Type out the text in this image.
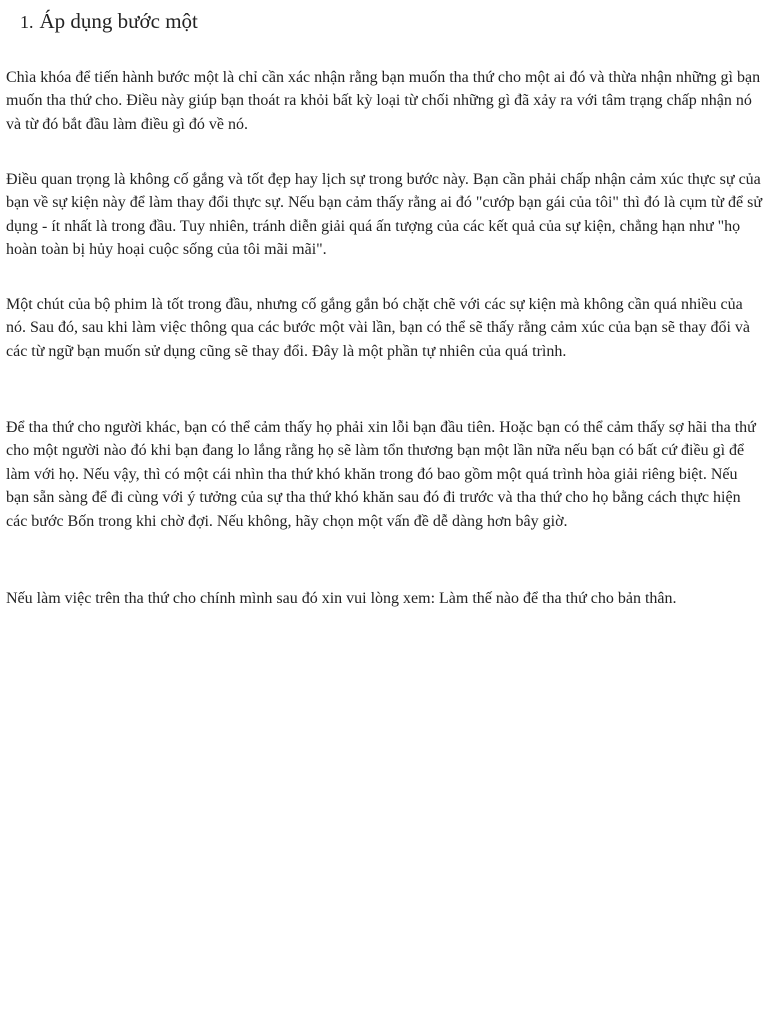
1. Áp dụng bước một

Chìa khóa để tiến hành bước một là chỉ cần xác nhận rằng bạn muốn tha thứ cho một ai đó và thừa nhận những gì bạn muốn tha thứ cho. Điều này giúp bạn thoát ra khỏi bất kỳ loại từ chối những gì đã xảy ra với tâm trạng chấp nhận nó và từ đó bắt đầu làm điều gì đó về nó.

Điều quan trọng là không cố gắng và tốt đẹp hay lịch sự trong bước này. Bạn cần phải chấp nhận cảm xúc thực sự của bạn về sự kiện này để làm thay đổi thực sự. Nếu bạn cảm thấy rằng ai đó "cướp bạn gái của tôi" thì đó là cụm từ để sử dụng - ít nhất là trong đầu. Tuy nhiên, tránh diễn giải quá ấn tượng của các kết quả của sự kiện, chẳng hạn như "họ hoàn toàn bị hủy hoại cuộc sống của tôi mãi mãi".

Một chút của bộ phim là tốt trong đầu, nhưng cố gắng gắn bó chặt chẽ với các sự kiện mà không cần quá nhiều của nó. Sau đó, sau khi làm việc thông qua các bước một vài lần, bạn có thể sẽ thấy rằng cảm xúc của bạn sẽ thay đổi và các từ ngữ bạn muốn sử dụng cũng sẽ thay đổi. Đây là một phần tự nhiên của quá trình.

Để tha thứ cho người khác, bạn có thể cảm thấy họ phải xin lỗi bạn đầu tiên. Hoặc bạn có thể cảm thấy sợ hãi tha thứ cho một người nào đó khi bạn đang lo lắng rằng họ sẽ làm tổn thương bạn một lần nữa nếu bạn có bất cứ điều gì để làm với họ. Nếu vậy, thì có một cái nhìn tha thứ khó khăn trong đó bao gồm một quá trình hòa giải riêng biệt. Nếu bạn sẵn sàng để đi cùng với ý tưởng của sự tha thứ khó khăn sau đó đi trước và tha thứ cho họ bằng cách thực hiện các bước Bốn trong khi chờ đợi. Nếu không, hãy chọn một vấn đề dễ dàng hơn bây giờ.

Nếu làm việc trên tha thứ cho chính mình sau đó xin vui lòng xem: Làm thế nào để tha thứ cho bản thân.
